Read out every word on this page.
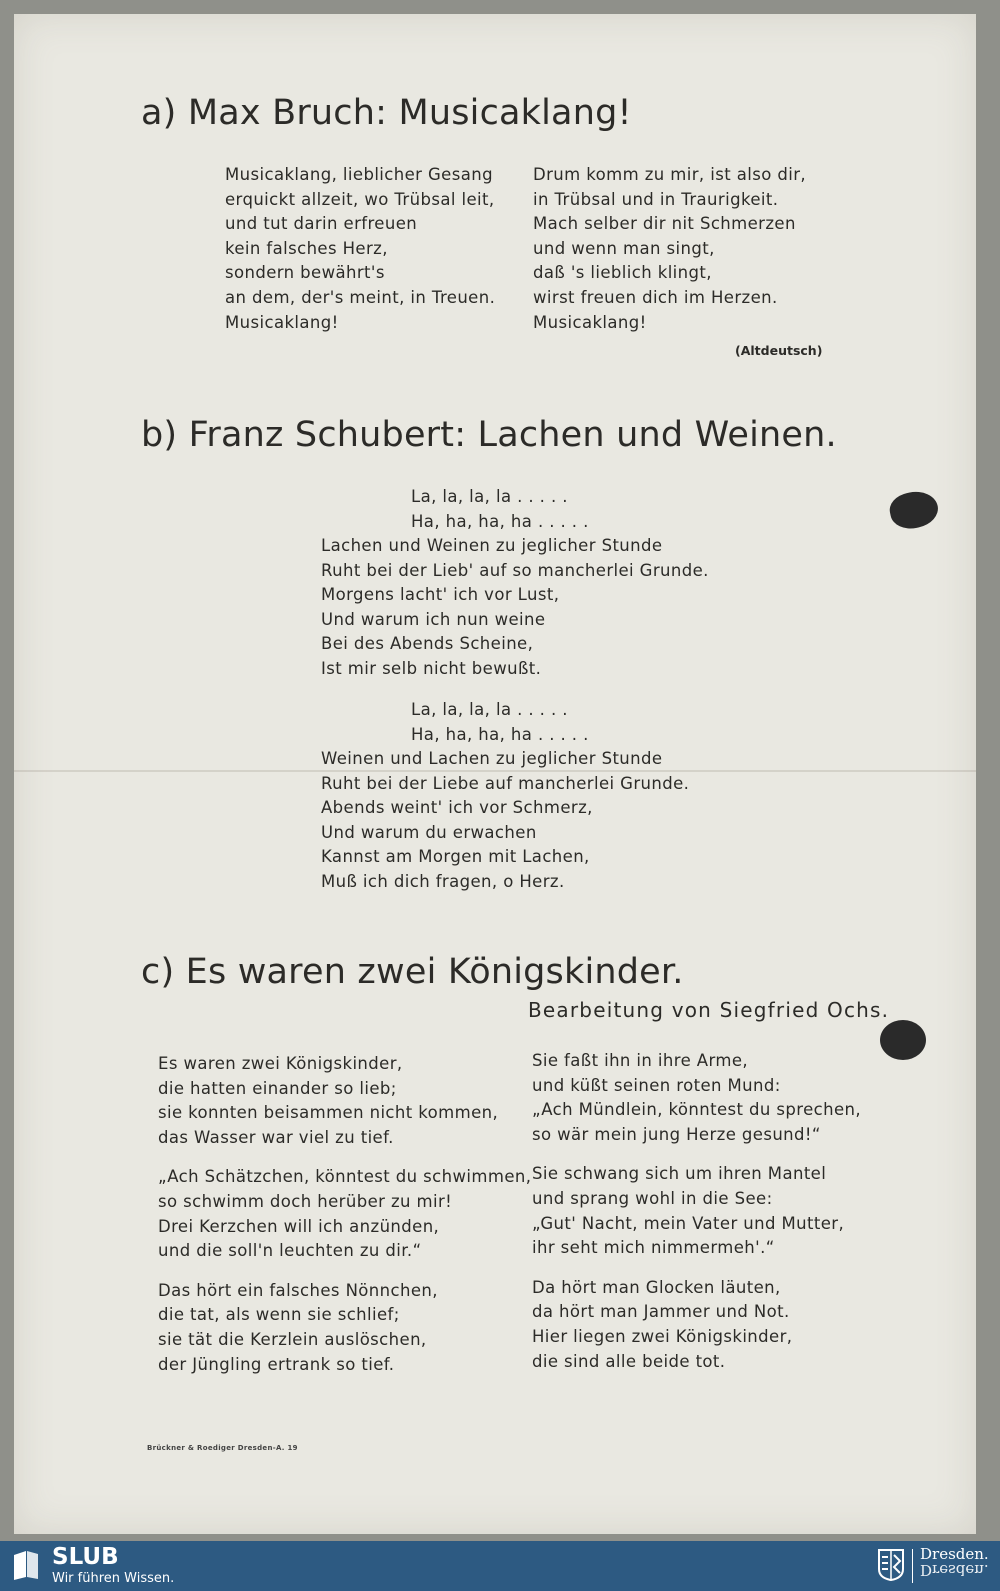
a) Max Bruch: Musicaklang!
Musicaklang, lieblicher Gesang
erquickt allzeit, wo Trübsal leit,
und tut darin erfreuen
kein falsches Herz,
sondern bewährt's
an dem, der's meint, in Treuen.
Musicaklang!
Drum komm zu mir, ist also dir,
in Trübsal und in Traurigkeit.
Mach selber dir nit Schmerzen
und wenn man singt,
daß 's lieblich klingt,
wirst freuen dich im Herzen.
Musicaklang!
(Altdeutsch)
b) Franz Schubert: Lachen und Weinen.
La, la, la, la . . . . .
Ha, ha, ha, ha . . . . .
Lachen und Weinen zu jeglicher Stunde
Ruht bei der Lieb' auf so mancherlei Grunde.
Morgens lacht' ich vor Lust,
Und warum ich nun weine
Bei des Abends Scheine,
Ist mir selb nicht bewußt.
La, la, la, la . . . . .
Ha, ha, ha, ha . . . . .
Weinen und Lachen zu jeglicher Stunde
Ruht bei der Liebe auf mancherlei Grunde.
Abends weint' ich vor Schmerz,
Und warum du erwachen
Kannst am Morgen mit Lachen,
Muß ich dich fragen, o Herz.
c) Es waren zwei Königskinder.
Bearbeitung von Siegfried Ochs.
Es waren zwei Königskinder,
die hatten einander so lieb;
sie konnten beisammen nicht kommen,
das Wasser war viel zu tief.
„Ach Schätzchen, könntest du schwimmen,
so schwimm doch herüber zu mir!
Drei Kerzchen will ich anzünden,
und die soll'n leuchten zu dir.“
Das hört ein falsches Nönnchen,
die tat, als wenn sie schlief;
sie tät die Kerzlein auslöschen,
der Jüngling ertrank so tief.
Sie faßt ihn in ihre Arme,
und küßt seinen roten Mund:
„Ach Mündlein, könntest du sprechen,
so wär mein jung Herze gesund!“
Sie schwang sich um ihren Mantel
und sprang wohl in die See:
„Gut' Nacht, mein Vater und Mutter,
ihr seht mich nimmermeh'.“
Da hört man Glocken läuten,
da hört man Jammer und Not.
Hier liegen zwei Königskinder,
die sind alle beide tot.
Brückner & Roediger Dresden-A. 19
SLUB
Wir führen Wissen.
Dresden.
Dresden.
